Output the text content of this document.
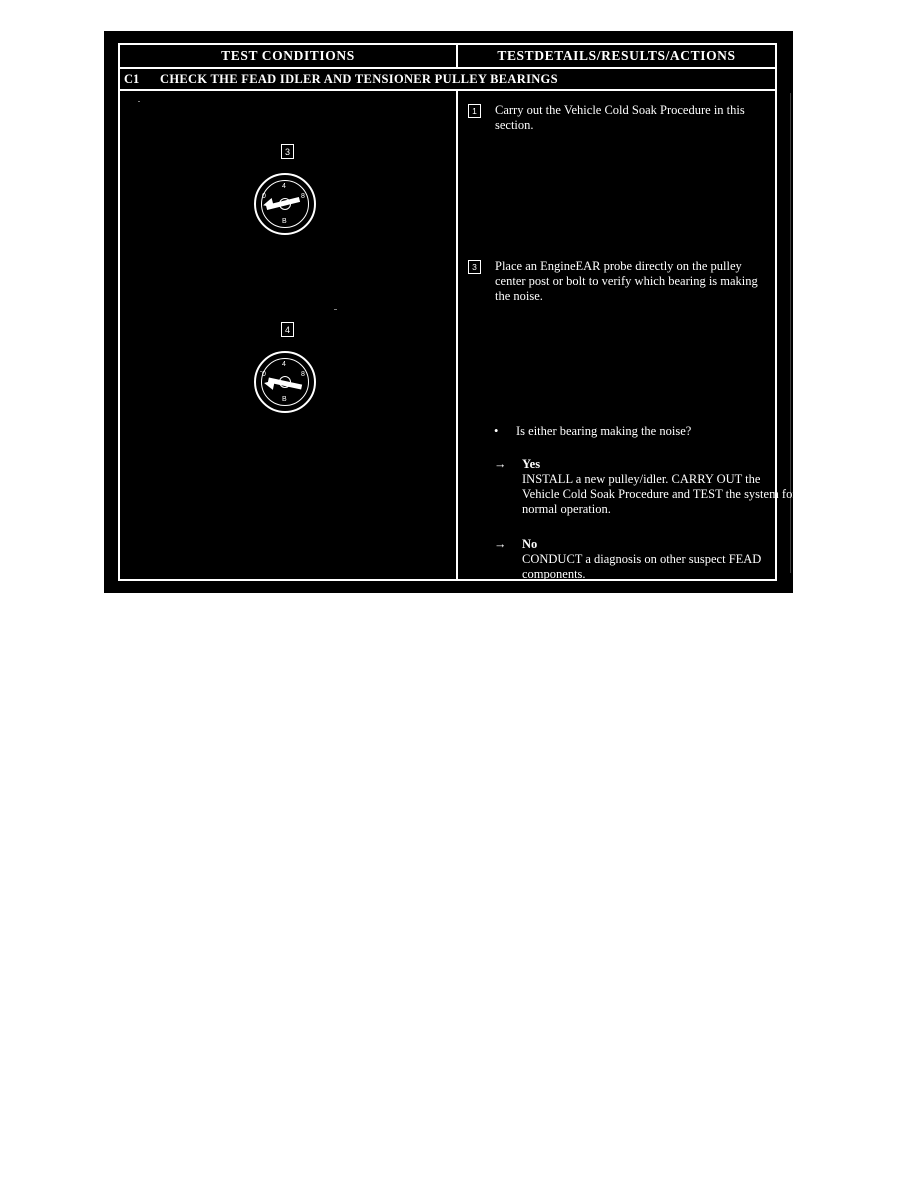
TEST CONDITIONS	TESTDETAILS/RESULTS/ACTIONS
C1 CHECK THE FEAD IDLER AND TENSIONER PULLEY BEARINGS
3
0
4
8
B
4
0
4
8
B
1	Carry out the Vehicle Cold Soak Procedure in this section.
3	Place an EngineEAR probe directly on the pulley center post or bolt to verify which bearing is making the noise.
• Is either bearing making the noise?
→ Yes
INSTALL a new pulley/idler. CARRY OUT the Vehicle Cold Soak Procedure and TEST the system for normal operation.
→ No
CONDUCT a diagnosis on other suspect FEAD components.
